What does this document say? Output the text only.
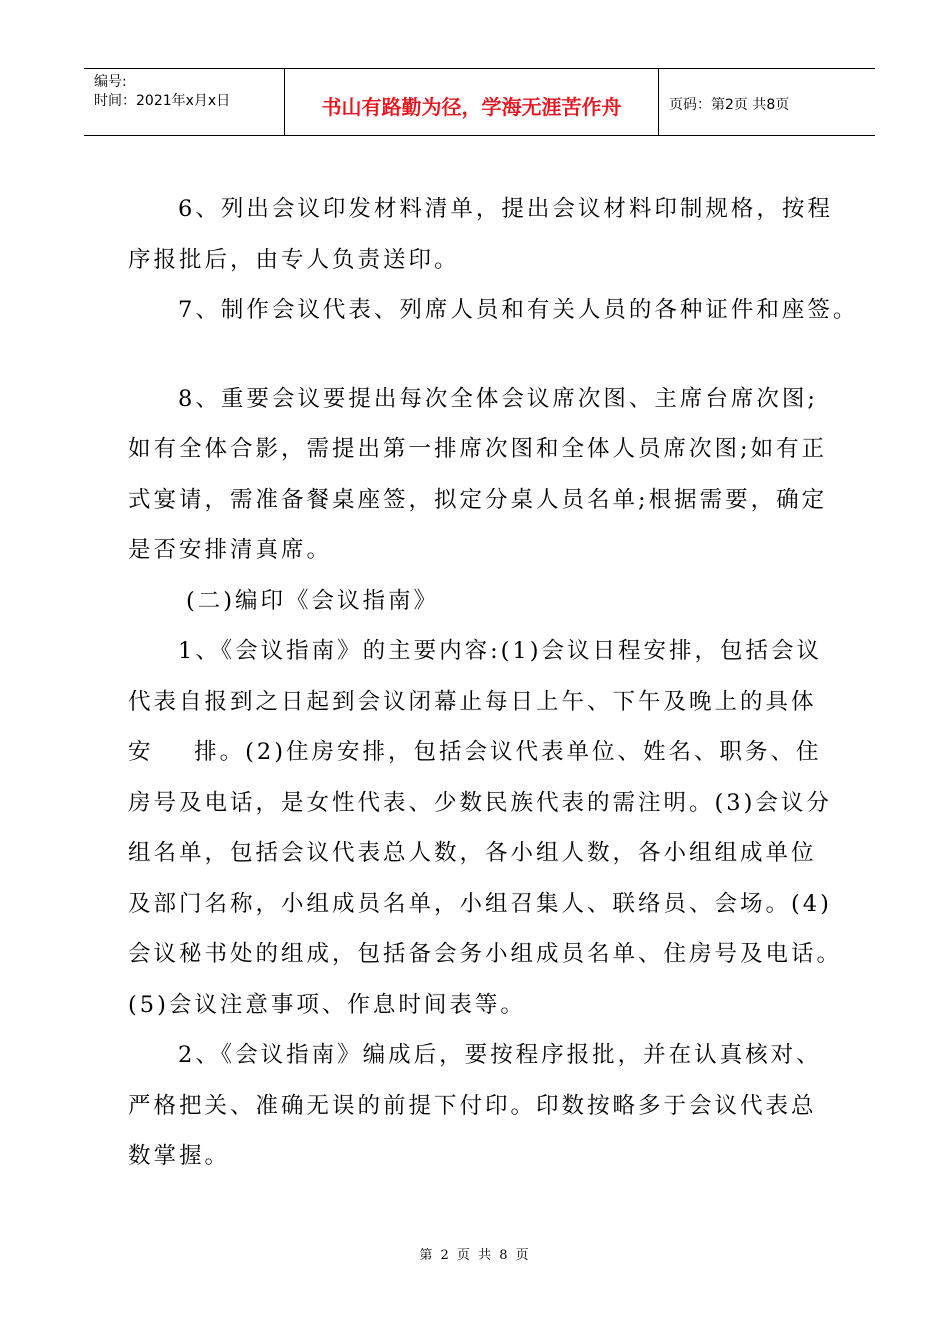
编号:
时间：2021年x月x日	书山有路勤为径，学海无涯苦作舟	页码：第2页 共8页
6、列出会议印发材料清单，提出会议材料印制规格，按程
序报批后，由专人负责送印。
7、制作会议代表、列席人员和有关人员的各种证件和座签。
8、重要会议要提出每次全体会议席次图、主席台席次图;
如有全体合影，需提出第一排席次图和全体人员席次图;如有正
式宴请，需准备餐桌座签，拟定分桌人员名单;根据需要，确定
是否安排清真席。
(二)编印《会议指南》
1、《会议指南》的主要内容:(1)会议日程安排，包括会议
代表自报到之日起到会议闭幕止每日上午、下午及晚上的具体
安    排。(2)住房安排，包括会议代表单位、姓名、职务、住
房号及电话，是女性代表、少数民族代表的需注明。(3)会议分
组名单，包括会议代表总人数，各小组人数，各小组组成单位
及部门名称，小组成员名单，小组召集人、联络员、会场。(4)
会议秘书处的组成，包括备会务小组成员名单、住房号及电话。
(5)会议注意事项、作息时间表等。
2、《会议指南》编成后，要按程序报批，并在认真核对、
严格把关、准确无误的前提下付印。印数按略多于会议代表总
数掌握。
第 2 页 共 8 页
